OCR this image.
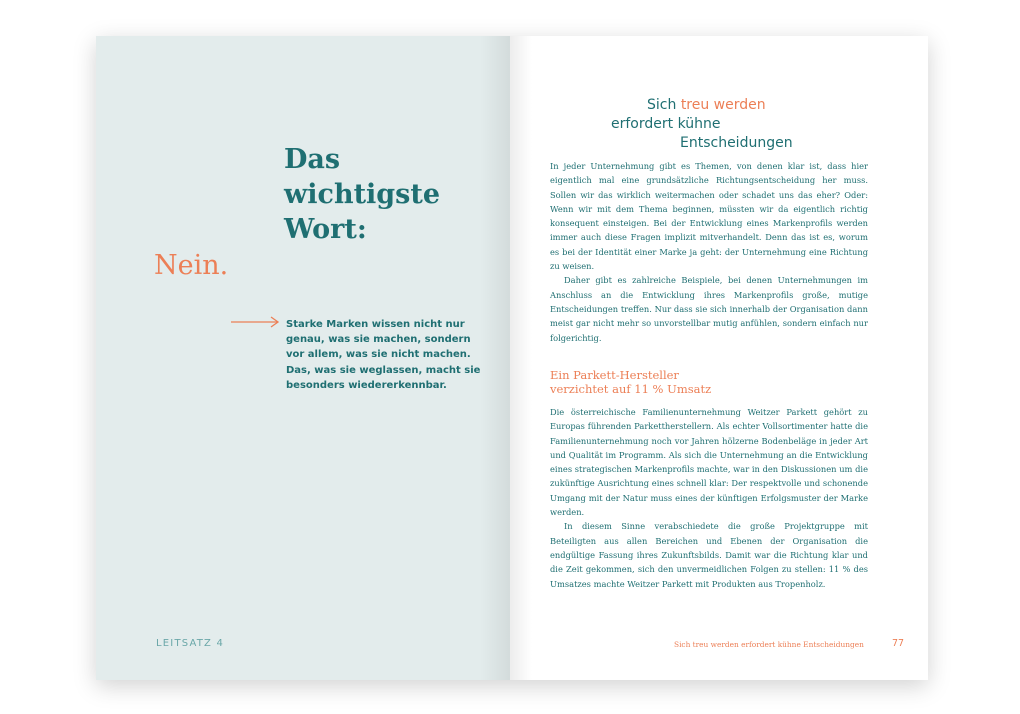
Das
wichtigste
Wort:
Nein.
Starke Marken wissen nicht nur
genau, was sie machen, sondern
vor allem, was sie nicht machen.
Das, was sie weglassen, macht sie
besonders wiedererkennbar.
LEITSATZ 4
Sich treu werden
erfordert kühne
Entscheidungen

In jeder Unternehmung gibt es Themen, von denen klar ist, dass hier eigentlich mal eine grundsätzliche Richtungsentscheidung her muss. Sollen wir das wirklich weitermachen oder schadet uns das eher? Oder: Wenn wir mit dem Thema beginnen, müssten wir da eigentlich richtig konsequent einsteigen. Bei der Entwicklung eines Markenprofils werden immer auch diese Fragen implizit mitverhandelt. Denn das ist es, worum es bei der Identität einer Marke ja geht: der Unternehmung eine Richtung zu weisen.

Daher gibt es zahlreiche Beispiele, bei denen Unternehmungen im Anschluss an die Entwicklung ihres Markenprofils große, mutige Entscheidungen treffen. Nur dass sie sich innerhalb der Organisation dann meist gar nicht mehr so unvorstellbar mutig anfühlen, sondern einfach nur folgerichtig.

Ein Parkett-Hersteller
verzichtet auf 11 % Umsatz

Die österreichische Familienunternehmung Weitzer Parkett gehört zu Europas führenden Parkettherstellern. Als echter Vollsortimenter hatte die Familienunternehmung noch vor Jahren hölzerne Bodenbeläge in jeder Art und Qualität im Programm. Als sich die Unternehmung an die Entwicklung eines strategischen Markenprofils machte, war in den Diskussionen um die zukünftige Ausrichtung eines schnell klar: Der respektvolle und schonende Umgang mit der Natur muss eines der künftigen Erfolgsmuster der Marke werden.

In diesem Sinne verabschiedete die große Projektgruppe mit Beteiligten aus allen Bereichen und Ebenen der Organisation die endgültige Fassung ihres Zukunftsbilds. Damit war die Richtung klar und die Zeit gekommen, sich den unvermeidlichen Folgen zu stellen: 11 % des Umsatzes machte Weitzer Parkett mit Produkten aus Tropenholz.

Sich treu werden erfordert kühne Entscheidungen	77
